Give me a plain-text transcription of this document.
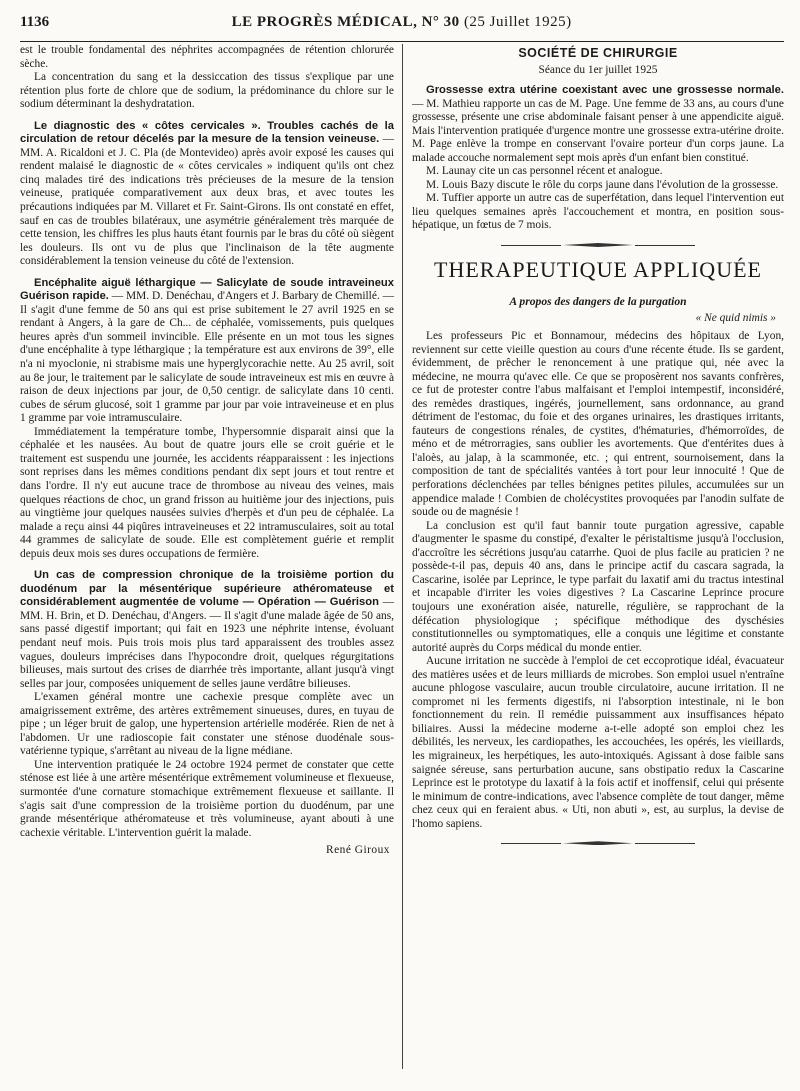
1136	LE PROGRÈS MÉDICAL, N° 30 (25 Juillet 1925)

est le trouble fondamental des néphrites accompagnées de rétention chlorurée sèche.

La concentration du sang et la dessiccation des tissus s'explique par une rétention plus forte de chlore que de sodium, la prédominance du chlore sur le sodium déterminant la deshydratation.

Le diagnostic des « côtes cervicales ». Troubles cachés de la circulation de retour décelés par la mesure de la tension veineuse. — MM. A. Ricaldoni et J. C. Pla (de Montevideo) après avoir exposé les causes qui rendent malaisé le diagnostic de « côtes cervicales » indiquent qu'ils ont chez cinq malades tiré des indications très précieuses de la mesure de la tension veineuse, pratiquée comparativement aux deux bras, et avec toutes les précautions indiquées par M. Villaret et Fr. Saint-Girons. Ils ont constaté en effet, sauf en cas de troubles bilatéraux, une asymétrie généralement très marquée de cette tension, les chiffres les plus hauts étant fournis par le bras du côté où siègent les douleurs. Ils ont vu de plus que l'inclinaison de la tête augmente considérablement la tension veineuse du côté de l'extension.

Encéphalite aiguë léthargique — Salicylate de soude intraveineux Guérison rapide. — MM. D. Denéchau, d'Angers et J. Barbary de Chemillé. — Il s'agit d'une femme de 50 ans qui est prise subitement le 27 avril 1925 en se rendant à Angers, à la gare de Ch... de céphalée, vomissements, puis quelques heures après d'un sommeil invincible. Elle présente en un mot tous les signes d'une encéphalite à type léthargique ; la température est aux environs de 39°, elle n'a ni myoclonie, ni strabisme mais une hyperglycorachie nette. Au 25 avril, soit au 8e jour, le traitement par le salicylate de soude intraveineux est mis en œuvre à raison de deux injections par jour, de 0,50 centigr. de salicylate dans 10 centi. cubes de sérum glucosé, soit 1 gramme par jour par voie intraveineuse et en plus 1 gramme par voie intramusculaire.

Immédiatement la température tombe, l'hypersomnie disparait ainsi que la céphalée et les nausées. Au bout de quatre jours elle se croit guérie et le traitement est suspendu une journée, les accidents réapparaissent : les injections sont reprises dans les mêmes conditions pendant dix sept jours et tout rentre et dans l'ordre. Il n'y eut aucune trace de thrombose au niveau des veines, mais quelques réactions de choc, un grand frisson au huitième jour des injections, puis au vingtième jour quelques nausées suivies d'herpès et d'un peu de céphalée. La malade a reçu ainsi 44 piqûres intraveineuses et 22 intramusculaires, soit au total 44 grammes de salicylate de soude. Elle est complètement guérie et remplit depuis deux mois ses dures occupations de fermière.

Un cas de compression chronique de la troisième portion du duodénum par la mésentérique supérieure athéromateuse et considérablement augmentée de volume — Opération — Guérison — MM. H. Brin, et D. Denéchau, d'Angers. — Il s'agit d'une malade âgée de 50 ans, sans passé digestif important; qui fait en 1923 une néphrite intense, évoluant pendant neuf mois. Puis trois mois plus tard apparaissent des troubles assez vagues, douleurs imprécises dans l'hypocondre droit, quelques régurgitations bilieuses, mais surtout des crises de diarrhée très importante, allant jusqu'à vingt selles par jour, composées uniquement de selles jaune verdâtre bilieuses.

L'examen général montre une cachexie presque complète avec un amaigrissement extrême, des artères extrêmement sinueuses, dures, en tuyau de pipe ; un léger bruit de galop, une hypertension artérielle modérée. Rien de net à l'abdomen. Ur une radioscopie fait constater une sténose duodénale sous-vatérienne typique, s'arrêtant au niveau de la ligne médiane.

Une intervention pratiquée le 24 octobre 1924 permet de constater que cette sténose est liée à une artère mésentérique extrêmement volumineuse et flexueuse, surmontée d'une cornature stomachique extrêmement flexueuse et saillante. Il s'agis sait d'une compression de la troisième portion du duodénum, par une grande mésentérique athéromateuse et très volumineuse, ayant abouti à une cachexie véritable. L'intervention guérit la malade.

René Giroux
SOCIÉTÉ DE CHIRURGIE
Séance du 1er juillet 1925

Grossesse extra utérine coexistant avec une grossesse normale. — M. Mathieu rapporte un cas de M. Page. Une femme de 33 ans, au cours d'une grossesse, présente une crise abdominale faisant penser à une appendicite aiguë. Mais l'intervention pratiquée d'urgence montre une grossesse extra-utérine droite. M. Page enlève la trompe en conservant l'ovaire porteur d'un corps jaune. La malade accouche normalement sept mois après d'un enfant bien constitué.

M. Launay cite un cas personnel récent et analogue.

M. Louis Bazy discute le rôle du corps jaune dans l'évolution de la grossesse.

M. Tuffier apporte un autre cas de superfétation, dans lequel l'intervention eut lieu quelques semaines après l'accouchement et montra, en position sous-hépatique, un fœtus de 7 mois.

THERAPEUTIQUE APPLIQUÉE
A propos des dangers de la purgation
« Ne quid nimis »

Les professeurs Pic et Bonnamour, médecins des hôpitaux de Lyon, reviennent sur cette vieille question au cours d'une récente étude. Ils se gardent, évidemment, de prêcher le renoncement à une pratique qui, née avec la médecine, ne mourra qu'avec elle. Ce que se proposèrent nos savants confrères, ce fut de protester contre l'abus malfaisant et l'emploi intempestif, inconsidéré, des remèdes drastiques, ingérés, journellement, sans ordonnance, au grand détriment de l'estomac, du foie et des organes urinaires, les drastiques irritants, fauteurs de congestions rénales, de cystites, d'hématuries, d'hémorroïdes, de méno et de métrorragies, sans oublier les avortements. Que d'entérites dues à l'aloès, au jalap, à la scammonée, etc. ; qui entrent, sournoisement, dans la composition de tant de spécialités vantées à tort pour leur innocuité ! Que de perforations déclenchées par telles bénignes petites pilules, accumulées sur un appendice malade ! Combien de cholécystites provoquées par l'anodin sulfate de soude ou de magnésie !

La conclusion est qu'il faut bannir toute purgation agressive, capable d'augmenter le spasme du constipé, d'exalter le péristaltisme jusqu'à l'occlusion, d'accroître les sécrétions jusqu'au catarrhe. Quoi de plus facile au praticien ? ne possède-t-il pas, depuis 40 ans, dans le principe actif du cascara sagrada, la Cascarine, isolée par Leprince, le type parfait du laxatif ami du tractus intestinal et incapable d'irriter les voies digestives ? La Cascarine Leprince procure toujours une exonération aisée, naturelle, régulière, se rapprochant de la défécation physiologique ; spécifique méthodique des dyschésies constitutionnelles ou symptomatiques, elle a conquis une légitime et constante autorité auprès du Corps médical du monde entier.

Aucune irritation ne succède à l'emploi de cet eccoprotique idéal, évacuateur des matières usées et de leurs milliards de microbes. Son emploi usuel n'entraîne aucune phlogose vasculaire, aucun trouble circulatoire, aucune irritation. Il ne compromet ni les ferments digestifs, ni l'absorption intestinale, ni le bon fonctionnement du rein. Il remédie puissamment aux insuffisances hépato biliaires. Aussi la médecine moderne a-t-elle adopté son emploi chez les débilités, les nerveux, les cardiopathes, les accouchées, les opérés, les vieillards, les migraineux, les herpétiques, les auto-intoxiqués. Agissant à dose faible sans saignée séreuse, sans perturbation aucune, sans obstipatio redux la Cascarine Leprince est le prototype du laxatif à la fois actif et inoffensif, celui qui présente le minimum de contre-indications, avec l'absence complète de tout danger, même chez ceux qui en feraient abus. « Uti, non abuti », est, au surplus, la devise de l'homo sapiens.
